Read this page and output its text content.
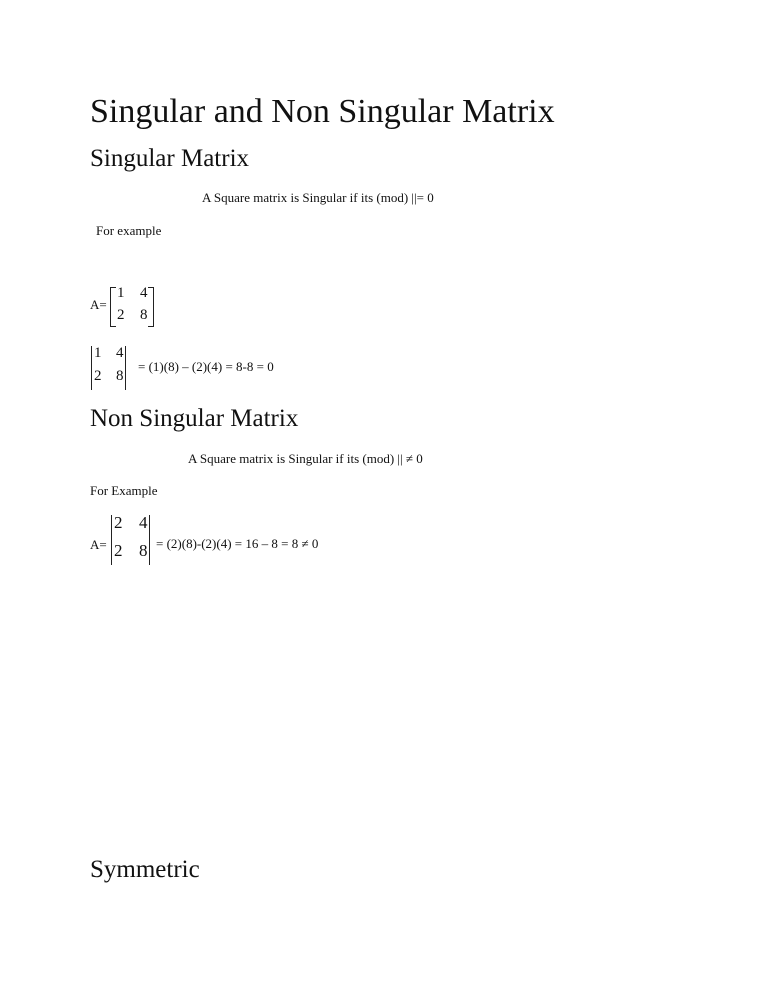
Singular and Non Singular Matrix
Singular Matrix
A Square matrix is Singular if its (mod) ||= 0
For example
A=
1 4
2 8
1 4
2 8
= (1)(8) – (2)(4) = 8-8 = 0
Non Singular Matrix
A Square matrix is Singular if its (mod) || ≠ 0
For Example
A=
2 4
2 8 = (2)(8)-(2)(4) = 16 – 8 = 8 ≠ 0
Symmetric
